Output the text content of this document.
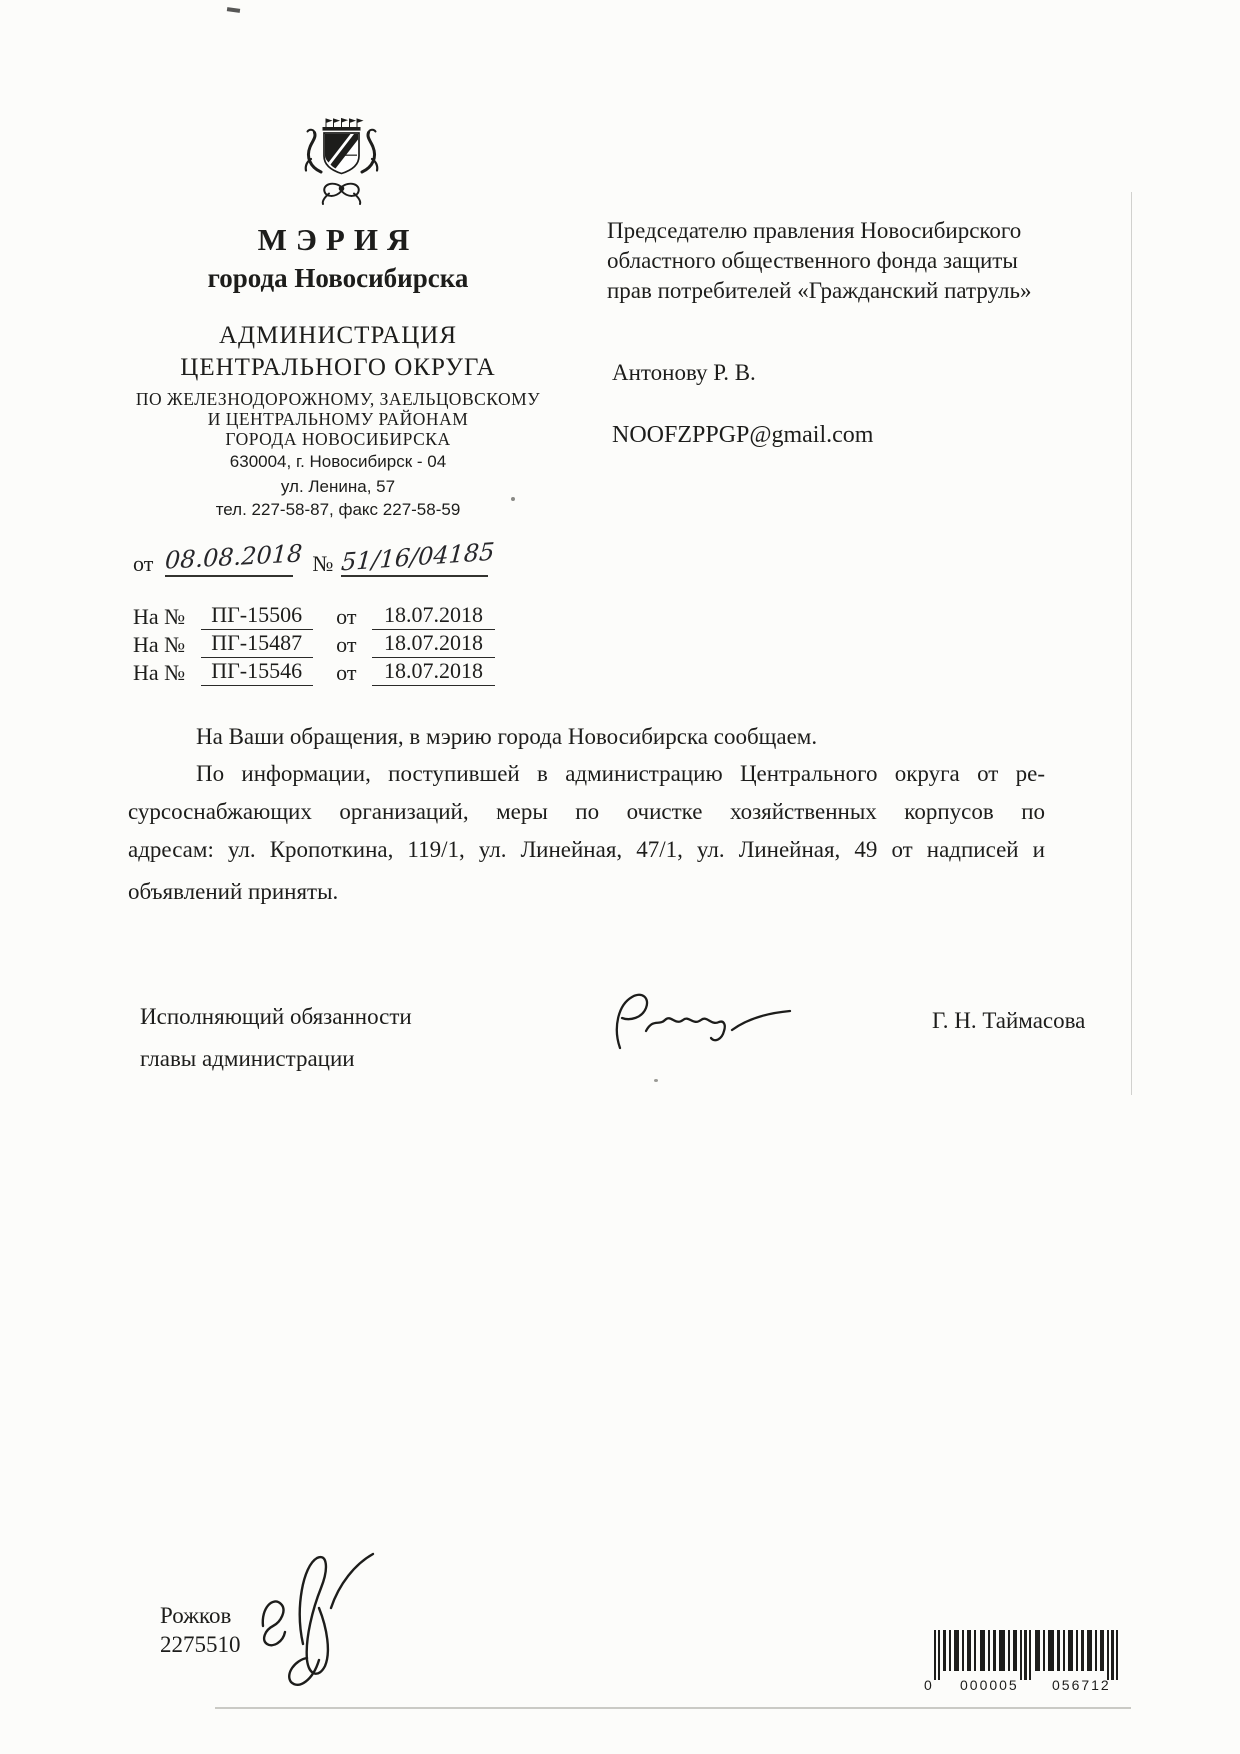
МЭРИЯ
города Новосибирска
АДМИНИСТРАЦИЯ
ЦЕНТРАЛЬНОГО ОКРУГА
ПО ЖЕЛЕЗНОДОРОЖНОМУ, ЗАЕЛЬЦОВСКОМУ
И ЦЕНТРАЛЬНОМУ РАЙОНАМ
ГОРОДА НОВОСИБИРСКА
630004, г. Новосибирск - 04
ул. Ленина, 57
тел. 227-58-87, факс 227-58-59
от 08.08.2018 № 51/16/04185
На № ПГ-15506 от 18.07.2018
На № ПГ-15487 от 18.07.2018
На № ПГ-15546 от 18.07.2018
Председателю правления Новосибирского
областного общественного фонда защиты
прав потребителей «Гражданский патруль»
Антонову Р. В.
NOOFZPPGP@gmail.com
На Ваши обращения, в мэрию города Новосибирска сообщаем.
По информации, поступившей в администрацию Центрального округа от ре-
сурсоснабжающих организаций, меры по очистке хозяйственных корпусов по
адресам: ул. Кропоткина, 119/1, ул. Линейная, 47/1, ул. Линейная, 49 от надписей и
объявлений приняты.
Исполняющий обязанности
главы администрации
Г. Н. Таймасова
Рожков
2275510
0 000005 056712
